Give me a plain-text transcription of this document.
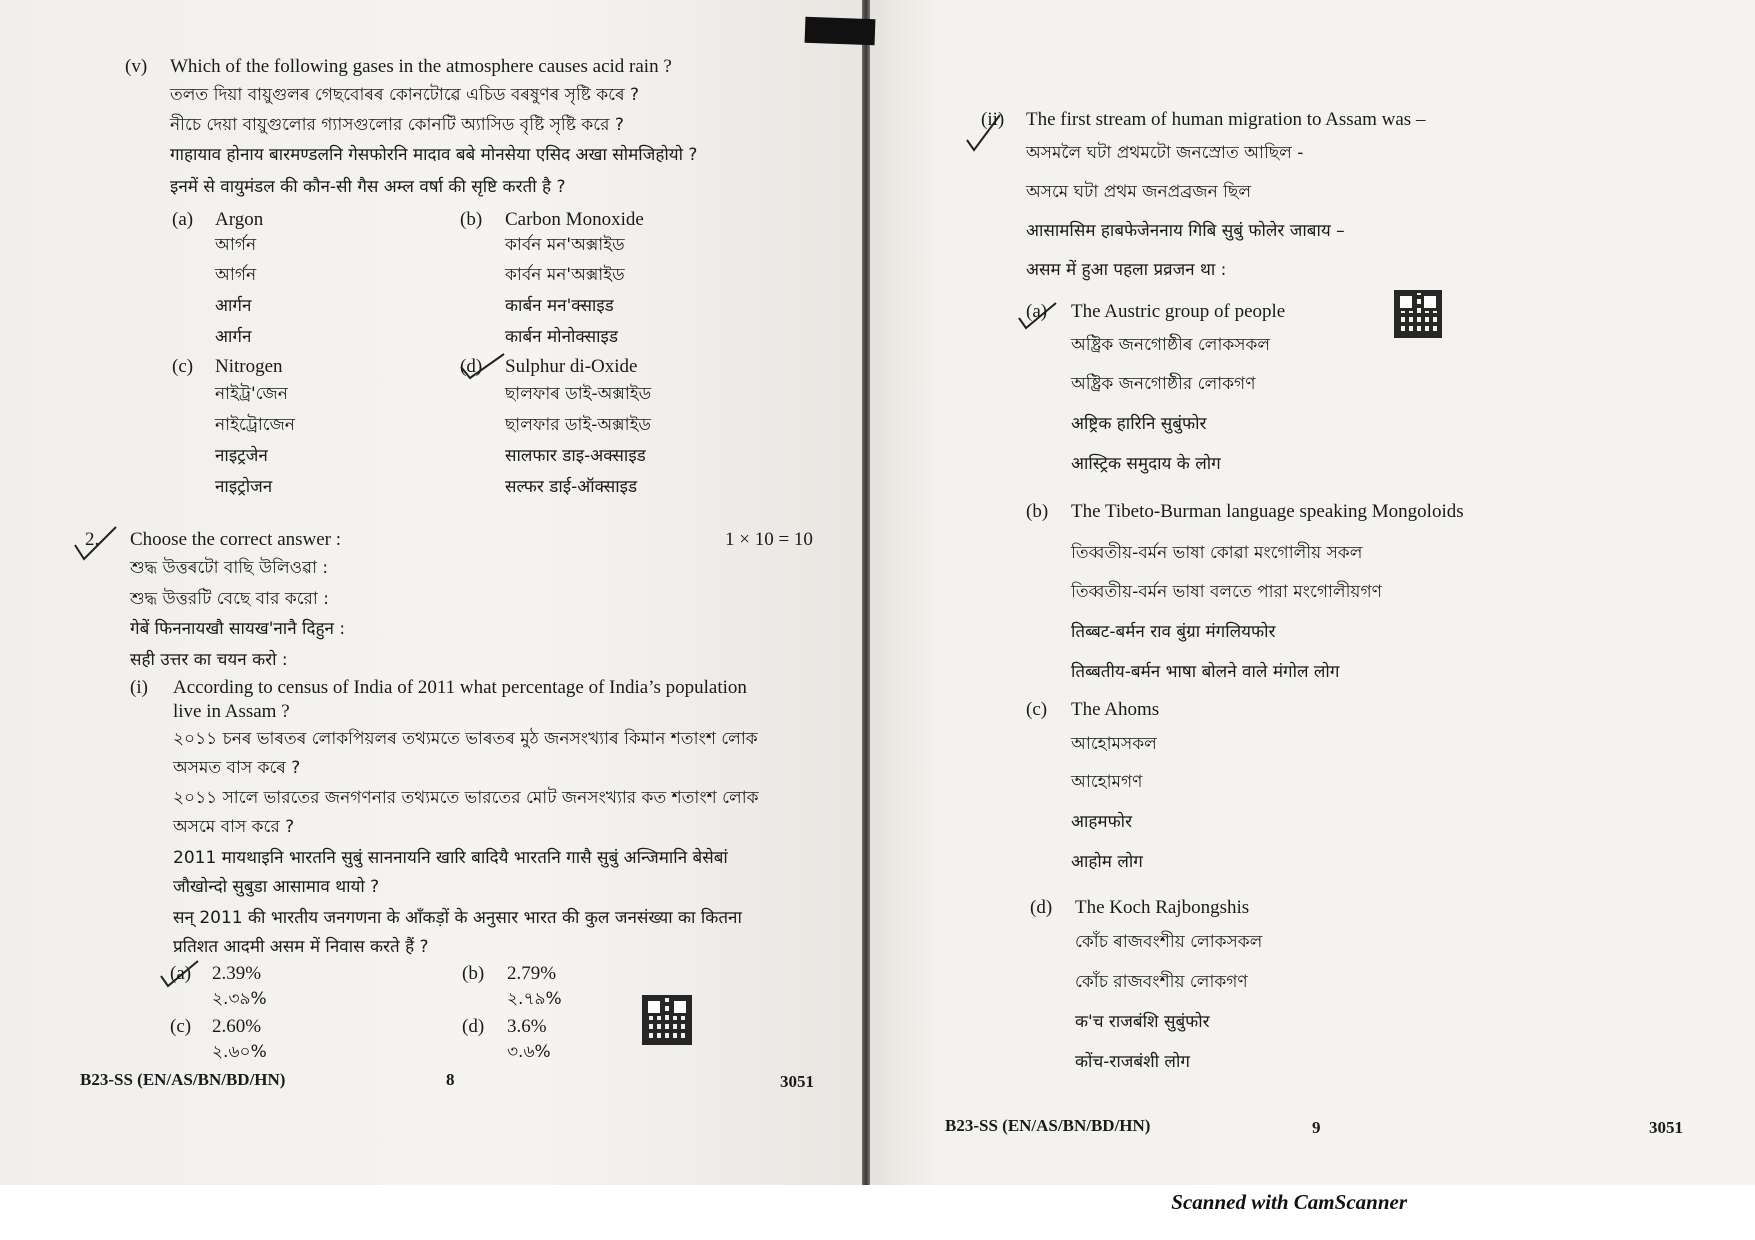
(v) Which of the following gases in the atmosphere causes acid rain ?
তলত দিয়া বায়ুগুলৰ গেছবোৰৰ কোনটোৱে এচিড বৰষুণৰ সৃষ্টি কৰে ?
নীচে দেয়া বায়ুগুলোর গ্যাসগুলোর কোনটি অ্যাসিড বৃষ্টি সৃষ্টি করে ?
गाहायाव होनाय बारमण्डलनि गेसफोरनि मादाव बबे मोनसेया एसिद अखा सोमजिहोयो ?
इनमें से वायुमंडल की कौन-सी गैस अम्ल वर्षा की सृष्टि करती है ?
(a) Argon
আৰ্গন
আৰ্গন
आर्गन
आर्गन
(b) Carbon Monoxide
কাৰ্বন মন'অক্সাইড
কার্বন মন'অক্সাইড
कार्बन मन'क्साइड
कार्बन मोनोक्साइड
(c) Nitrogen
নাইট্ৰ'জেন
নাইট্রোজেন
नाइट्रजेन
नाइट्रोजन
(d) Sulphur di-Oxide
ছালফাৰ ডাই-অক্সাইড
ছালফার ডাই-অক্সাইড
सालफार डाइ-अक्साइड
सल्फर डाई-ऑक्साइड
2. Choose the correct answer :	1 × 10 = 10
শুদ্ধ উত্তৰটো বাছি উলিওৱা :
শুদ্ধ উত্তরটি বেছে বার করো :
गेबें फिननायखौ सायख'नानै दिहुन :
सही उत्तर का चयन करो :
(i) According to census of India of 2011 what percentage of India’s population
live in Assam ?
২০১১ চনৰ ভাৰতৰ লোকপিয়লৰ তথ্যমতে ভাৰতৰ মুঠ জনসংখ্যাৰ কিমান শতাংশ লোক
অসমত বাস কৰে ?
২০১১ সালে ভারতের জনগণনার তথ্যমতে ভারতের মোট জনসংখ্যার কত শতাংশ লোক
অসমে বাস করে ?
2011 मायथाइनि भारतनि सुबुं साननायनि खारि बादियै भारतनि गासै सुबुं अन्जिमानि बेसेबां
जौखोन्दो सुबुडा आसामाव थायो ?
सन् 2011 की भारतीय जनगणना के आँकड़ों के अनुसार भारत की कुल जनसंख्या का कितना
प्रतिशत आदमी असम में निवास करते हैं ?
(a) 2.39%
২.৩৯%
(b) 2.79%
২.৭৯%
(c) 2.60%
২.৬০%
(d) 3.6%
৩.৬%
B23-SS (EN/AS/BN/BD/HN)	8	3051
(ii) The first stream of human migration to Assam was –
অসমলৈ ঘটা প্ৰথমটো জনস্ৰোত আছিল -
অসমে ঘটা প্রথম জনপ্রব্রজন ছিল
आसामसिम हाबफेजेननाय गिबि सुबुं फोलेर जाबाय –
असम में हुआ पहला प्रव्रजन था :
(a) The Austric group of people
অষ্ট্ৰিক জনগোষ্ঠীৰ লোকসকল
অষ্ট্রিক জনগোষ্ঠীর লোকগণ
अष्ट्रिक हारिनि सुबुंफोर
आस्ट्रिक समुदाय के लोग
(b) The Tibeto-Burman language speaking Mongoloids
তিব্বতীয়-বৰ্মন ভাষা কোৱা মংগোলীয় সকল
তিব্বতীয়-বর্মন ভাষা বলতে পারা মংগোলীয়গণ
तिब्बट-बर्मन राव बुंग्रा मंगलियफोर
तिब्बतीय-बर्मन भाषा बोलने वाले मंगोल लोग
(c) The Ahoms
আহোমসকল
আহোমগণ
आहमफोर
आहोम लोग
(d) The Koch Rajbongshis
কোঁচ ৰাজবংশীয় লোকসকল
কোঁচ রাজবংশীয় লোকগণ
क'च राजबंशि सुबुंफोर
कोंच-राजबंशी लोग
B23-SS (EN/AS/BN/BD/HN)	9	3051
Scanned with CamScanner
